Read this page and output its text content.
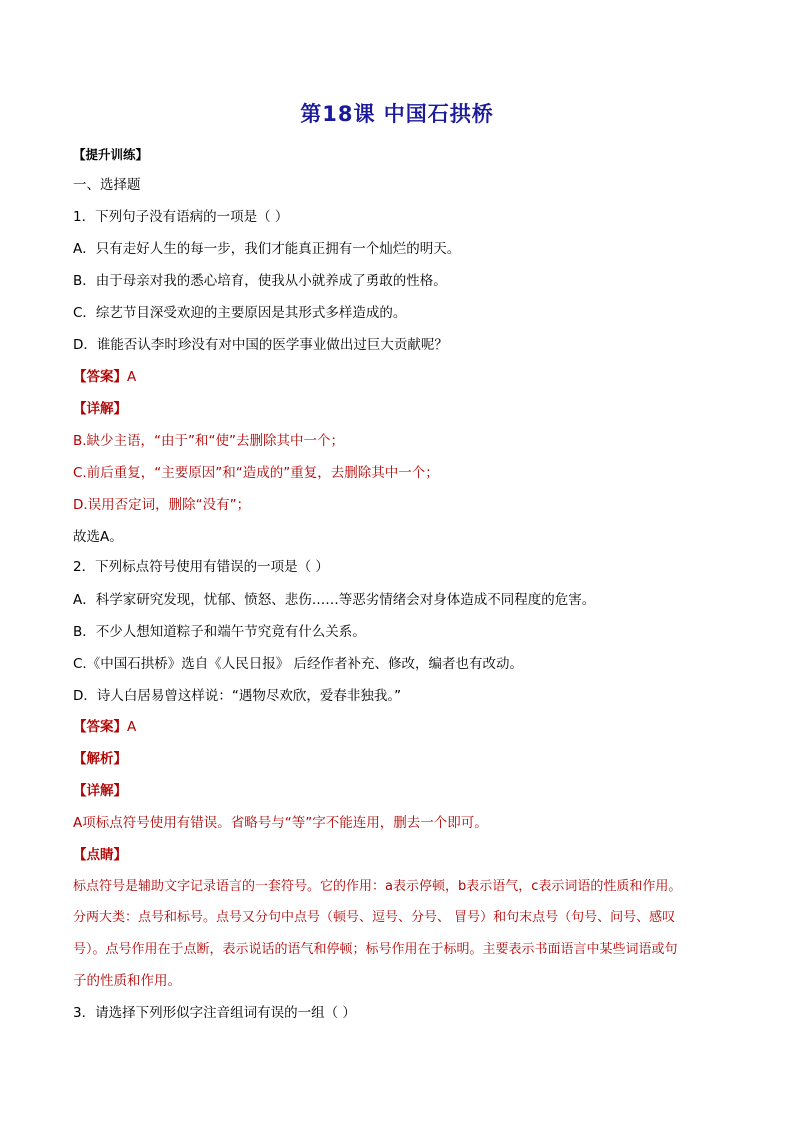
第18课 中国石拱桥
【提升训练】
一、选择题
1．下列句子没有语病的一项是（ ）
A．只有走好人生的每一步，我们才能真正拥有一个灿烂的明天。
B．由于母亲对我的悉心培育，使我从小就养成了勇敢的性格。
C．综艺节目深受欢迎的主要原因是其形式多样造成的。
D．谁能否认李时珍没有对中国的医学事业做出过巨大贡献呢？
【答案】A
【详解】
B.缺少主语，“由于”和“使”去删除其中一个；
C.前后重复，“主要原因”和“造成的”重复，去删除其中一个；
D.误用否定词，删除“没有”；
故选A。
2．下列标点符号使用有错误的一项是（ ）
A．科学家研究发现，忧郁、愤怒、悲伤……等恶劣情绪会对身体造成不同程度的危害。
B．不少人想知道粽子和端午节究竟有什么关系。
C.《中国石拱桥》选自《人民日报》 后经作者补充、修改，编者也有改动。
D．诗人白居易曾这样说：“遇物尽欢欣，爱春非独我。”
【答案】A
【解析】
【详解】
A项标点符号使用有错误。省略号与“等”字不能连用，删去一个即可。
【点睛】
标点符号是辅助文字记录语言的一套符号。它的作用：a表示停顿，b表示语气，c表示词语的性质和作用。
分两大类：点号和标号。点号又分句中点号（顿号、逗号、分号、 冒号）和句末点号（句号、问号、感叹
号）。点号作用在于点断，表示说话的语气和停顿；标号作用在于标明。主要表示书面语言中某些词语或句
子的性质和作用。
3．请选择下列形似字注音组词有误的一组（ ）
